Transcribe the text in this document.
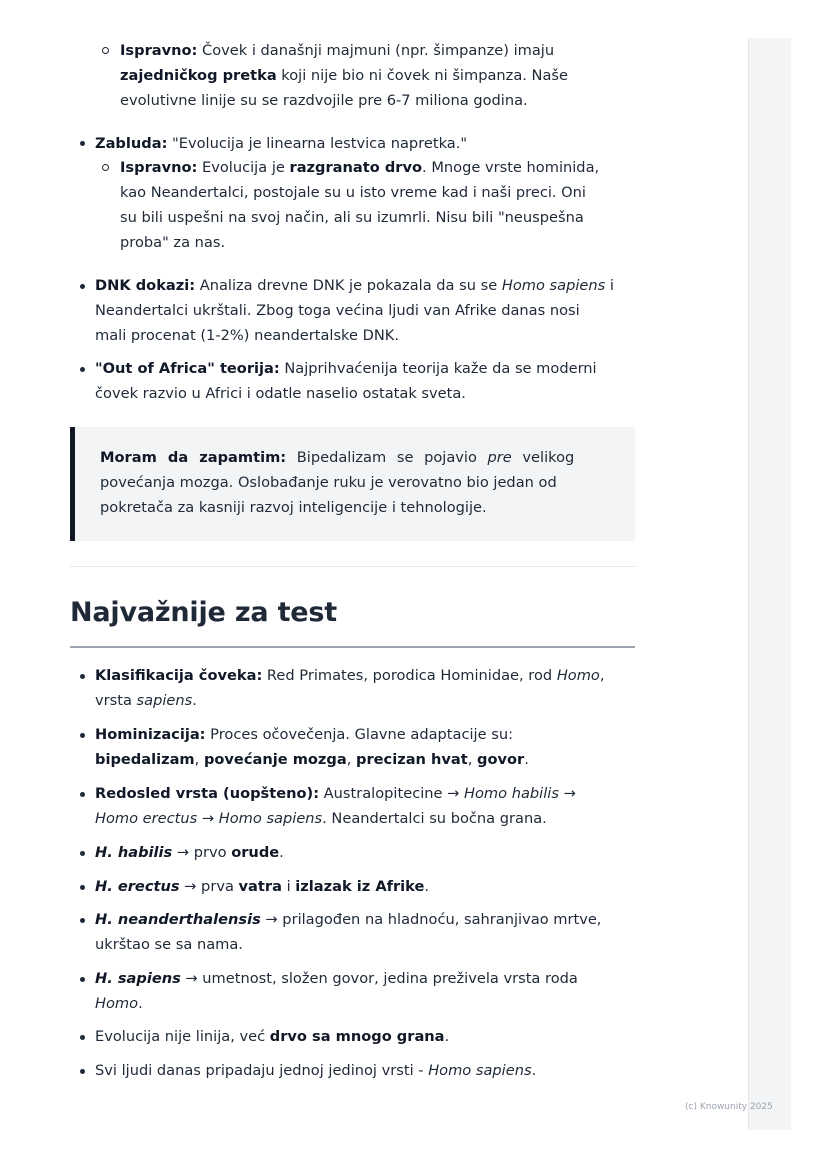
Ispravno: Čovek i današnji majmuni (npr. šimpanze) imaju
zajedničkog pretka koji nije bio ni čovek ni šimpanza. Naše
evolutivne linije su se razdvojile pre 6-7 miliona godina.
Zabluda: "Evolucija je linearna lestvica napretka."
Ispravno: Evolucija je razgranato drvo. Mnoge vrste hominida,
kao Neandertalci, postojale su u isto vreme kad i naši preci. Oni
su bili uspešni na svoj način, ali su izumrli. Nisu bili "neuspešna
proba" za nas.
DNK dokazi: Analiza drevne DNK je pokazala da su se Homo sapiens i
Neandertalci ukrštali. Zbog toga većina ljudi van Afrike danas nosi
mali procenat (1-2%) neandertalske DNK.
"Out of Africa" teorija: Najprihvaćenija teorija kaže da se moderni
čovek razvio u Africi i odatle naselio ostatak sveta.
Moram da zapamtim: Bipedalizam se pojavio pre velikog
povećanja mozga. Oslobađanje ruku je verovatno bio jedan od
pokretača za kasniji razvoj inteligencije i tehnologije.
Najvažnije za test
Klasifikacija čoveka: Red Primates, porodica Hominidae, rod Homo,
vrsta sapiens.
Hominizacija: Proces očovečenja. Glavne adaptacije su:
bipedalizam, povećanje mozga, precizan hvat, govor.
Redosled vrsta (uopšteno): Australopitecine → Homo habilis →
Homo erectus → Homo sapiens. Neandertalci su bočna grana.
H. habilis → prvo orude.
H. erectus → prva vatra i izlazak iz Afrike.
H. neanderthalensis → prilagođen na hladnoću, sahranjivao mrtve,
ukrštao se sa nama.
H. sapiens → umetnost, složen govor, jedina preživela vrsta roda
Homo.
Evolucija nije linija, već drvo sa mnogo grana.
Svi ljudi danas pripadaju jednoj jedinoj vrsti - Homo sapiens.
(c) Knowunity 2025
